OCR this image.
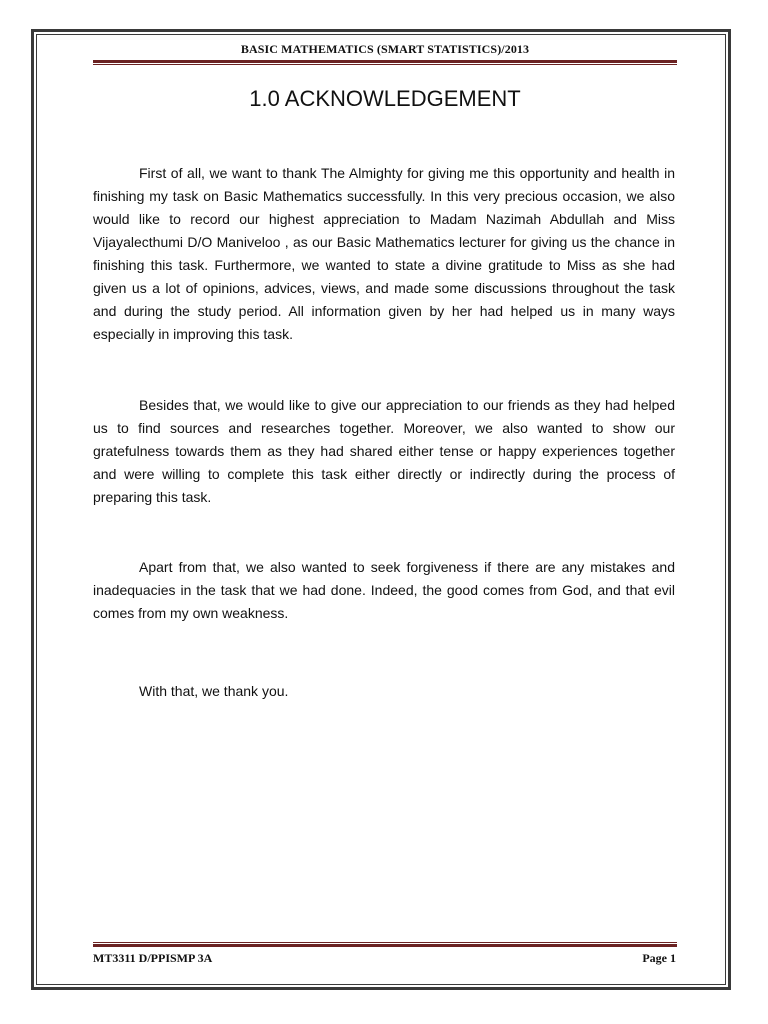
BASIC MATHEMATICS (SMART STATISTICS)/2013
1.0 ACKNOWLEDGEMENT

First of all, we want to thank The Almighty for giving me this opportunity and health in finishing my task on Basic Mathematics successfully. In this very precious occasion, we also would like to record our highest appreciation to Madam Nazimah Abdullah and Miss Vijayalecthumi D/O Maniveloo , as our Basic Mathematics lecturer for giving us the chance in finishing this task. Furthermore, we wanted to state a divine gratitude to Miss as she had given us a lot of opinions, advices, views, and made some discussions throughout the task and during the study period. All information given by her had helped us in many ways especially in improving this task.

Besides that, we would like to give our appreciation to our friends as they had helped us to find sources and researches together. Moreover, we also wanted to show our gratefulness towards them as they had shared either tense or happy experiences together and were willing to complete this task either directly or indirectly during the process of preparing this task.

Apart from that, we also wanted to seek forgiveness if there are any mistakes and inadequacies in the task that we had done. Indeed, the good comes from God, and that evil comes from my own weakness.

With that, we thank you.

MT3311 D/PPISMP 3A	Page 1
